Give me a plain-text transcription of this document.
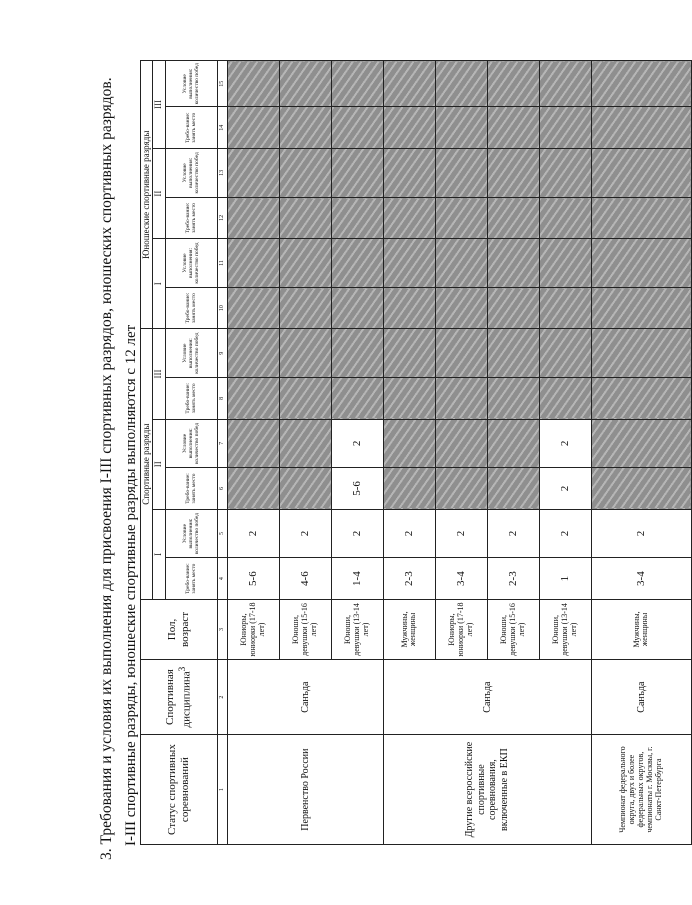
3. Требования и условия их выполнения для присвоения I-III спортивных разрядов, юношеских спортивных разрядов. I-III спортивные разряды, юношеские спортивные разряды выполняются с 12 лет Статус спортивных соревнований	Спортивная дисциплина$^3$	Пол, возраст	Спортивные разряды						Юношеские спортивные разряды					
			I		II		III		I		II		III	
			Требо-вание: занять место	Условие выполнения: количество побед	Требо-вание: занять место	Условие выполнения: количество побед	Требо-вание: занять место	Условие выполнения: количество побед	Требо-вание: занять место	Условие выполнения: количество побед	Требо-вание: занять место	Условие выполнения: количество побед	Требо-вание: занять место	Условие выполнения: количество побед
1	2	3	4	5	6	7	8	9	10	11	12	13	14	15
Первенство России	Санъда	Юниоры, юниорки (17-18 лет)	5-6	2										
		Юноши, девушки (15-16 лет)	4-6	2										
		Юноши, девушки (13-14 лет)	1-4	2	5-6	2								
Другие всероссийские спортивные соревнования, включенные в ЕКП	Санъда	Мужчины, женщины	2-3	2										
		Юниоры, юниорки (17-18 лет)	3-4	2										
		Юноши, девушки (15-16 лет)	2-3	2										
		Юноши, девушки (13-14 лет)	1	2	2	2								
Чемпионат федерального округа, двух и более федеральных округов, чемпионаты г. Москвы, г. Санкт-Петербурга	Санъда	Мужчины, женщины	3-4	2										
